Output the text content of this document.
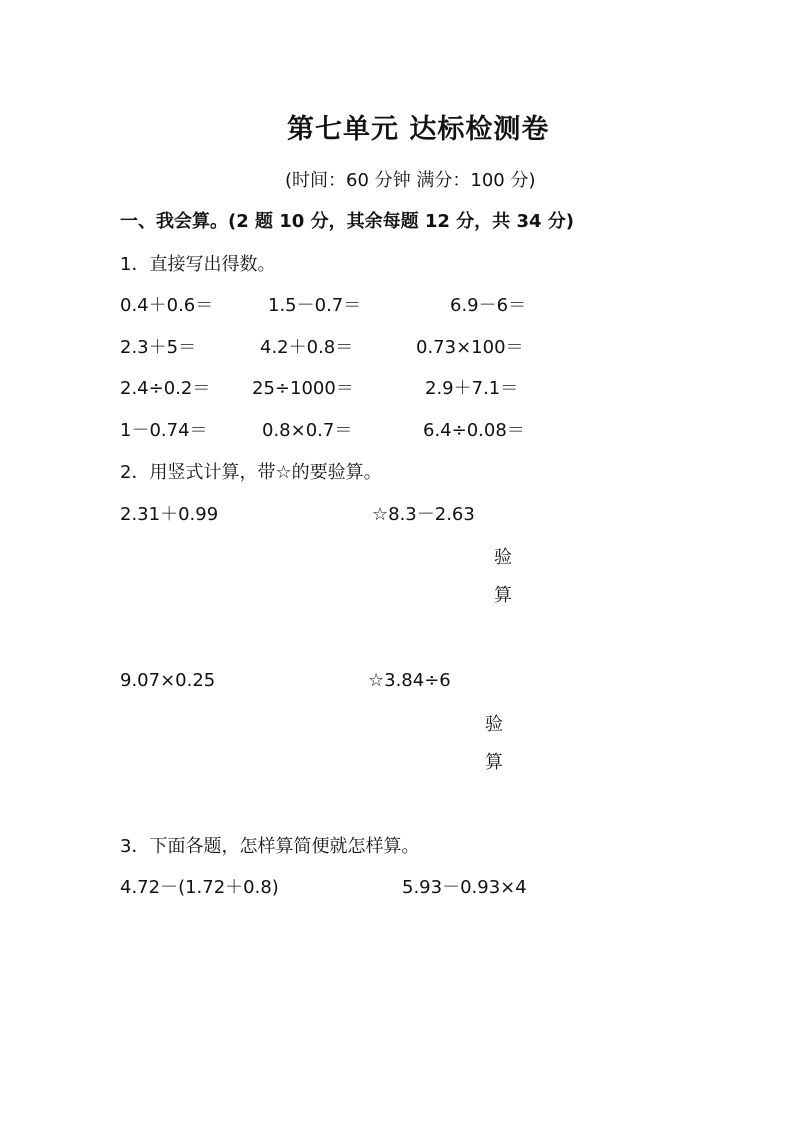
第七单元 达标检测卷
(时间：60 分钟 满分：100 分)
一、我会算。(2 题 10 分，其余每题 12 分，共 34 分)
1．直接写出得数。
0.4＋0.6＝	1.5－0.7＝	6.9－6＝
2.3＋5＝	4.2＋0.8＝	0.73×100＝
2.4÷0.2＝ 25÷1000＝	2.9＋7.1＝
1－0.74＝	0.8×0.7＝	6.4÷0.08＝
2．用竖式计算，带☆的要验算。
2.31＋0.99	☆8.3－2.63
验
算
9.07×0.25	☆3.84÷6
验
算
3．下面各题，怎样算简便就怎样算。
4.72－(1.72＋0.8)	5.93－0.93×4
